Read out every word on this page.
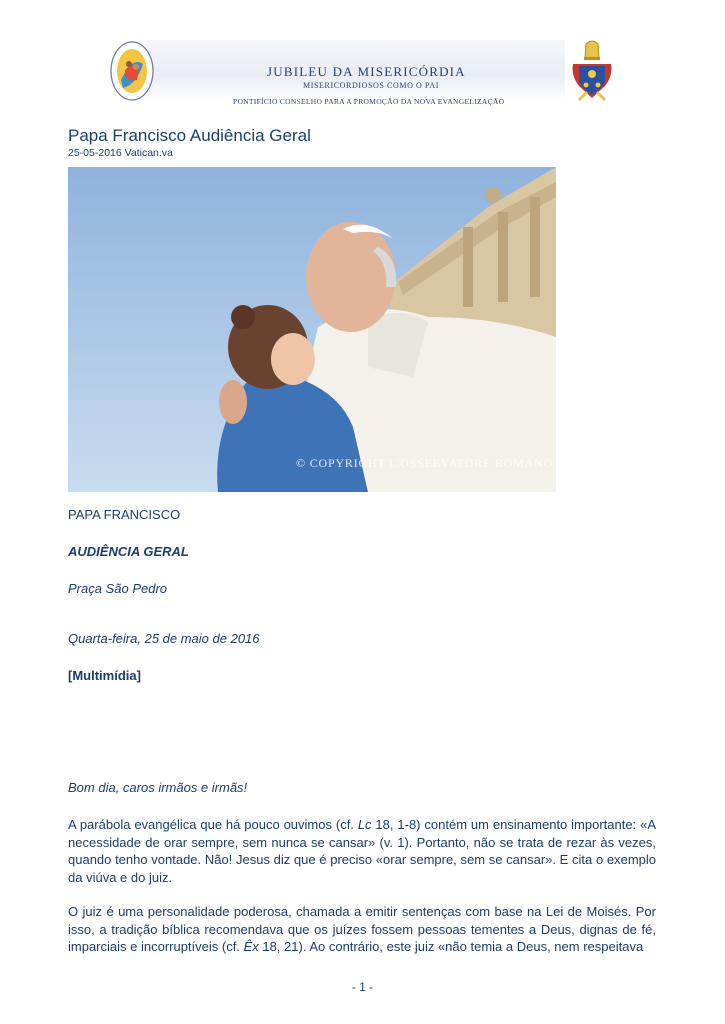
JUBILEU DA MISERICÓRDIA
MISERICORDIOSOS COMO O PAI
PONTIFÍCIO CONSELHO PARA A PROMOÇÃO DA NOVA EVANGELIZAÇÃO
Papa Francisco Audiência Geral
25-05-2016 Vatican.va
© COPYRIGHT L'OSSERVATORE ROMANO
PAPA FRANCISCO
AUDIÊNCIA GERAL
Praça São Pedro
Quarta-feira, 25 de maio de 2016
[Multimídia]
Bom dia, caros irmãos e irmãs!
A parábola evangélica que há pouco ouvimos (cf. Lc 18, 1-8) contém um ensinamento importante: «A necessidade de orar sempre, sem nunca se cansar» (v. 1). Portanto, não se trata de rezar às vezes, quando tenho vontade. Não! Jesus diz que é preciso «orar sempre, sem se cansar». E cita o exemplo da viúva e do juiz.
O juiz é uma personalidade poderosa, chamada a emitir sentenças com base na Lei de Moisés. Por isso, a tradição bíblica recomendava que os juízes fossem pessoas tementes a Deus, dignas de fé, imparciais e incorruptíveis (cf. Êx 18, 21). Ao contrário, este juiz «não temia a Deus, nem respeitava
- 1 -
